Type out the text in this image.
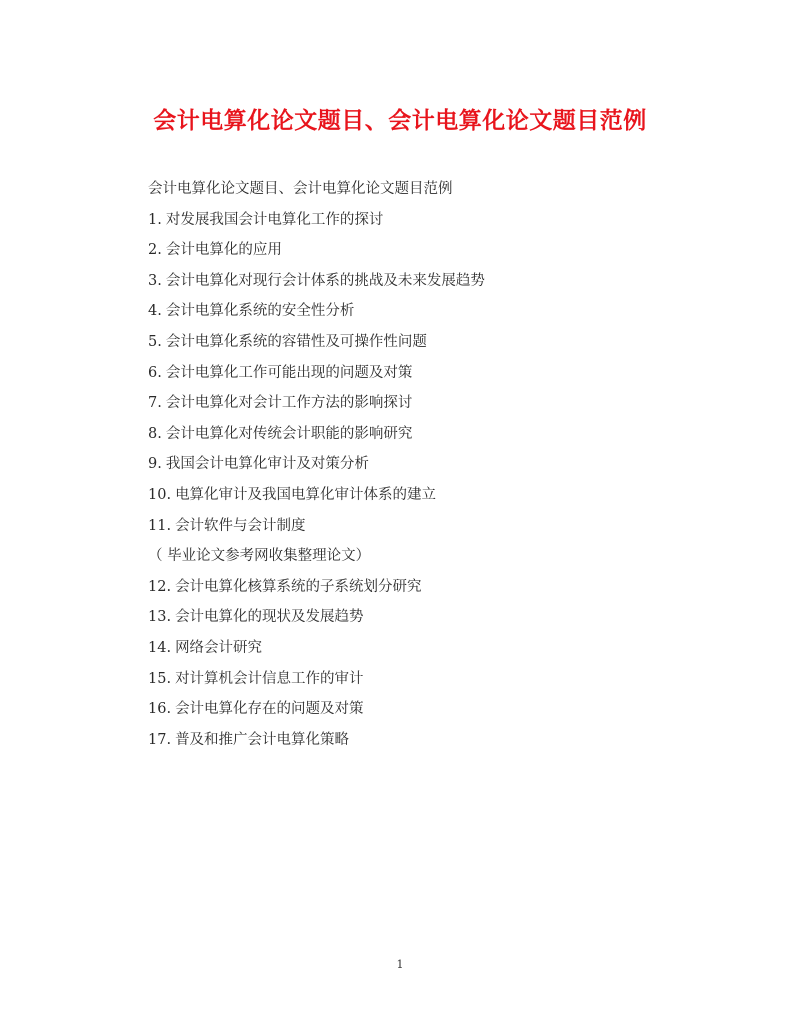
会计电算化论文题目、会计电算化论文题目范例
会计电算化论文题目、会计电算化论文题目范例
1. 对发展我国会计电算化工作的探讨
2. 会计电算化的应用
3. 会计电算化对现行会计体系的挑战及未来发展趋势
4. 会计电算化系统的安全性分析
5. 会计电算化系统的容错性及可操作性问题
6. 会计电算化工作可能出现的问题及对策
7. 会计电算化对会计工作方法的影响探讨
8. 会计电算化对传统会计职能的影响研究
9. 我国会计电算化审计及对策分析
10. 电算化审计及我国电算化审计体系的建立
11. 会计软件与会计制度
（ 毕业论文参考网收集整理论文）
12. 会计电算化核算系统的子系统划分研究
13. 会计电算化的现状及发展趋势
14. 网络会计研究
15. 对计算机会计信息工作的审计
16. 会计电算化存在的问题及对策
17. 普及和推广会计电算化策略
1
